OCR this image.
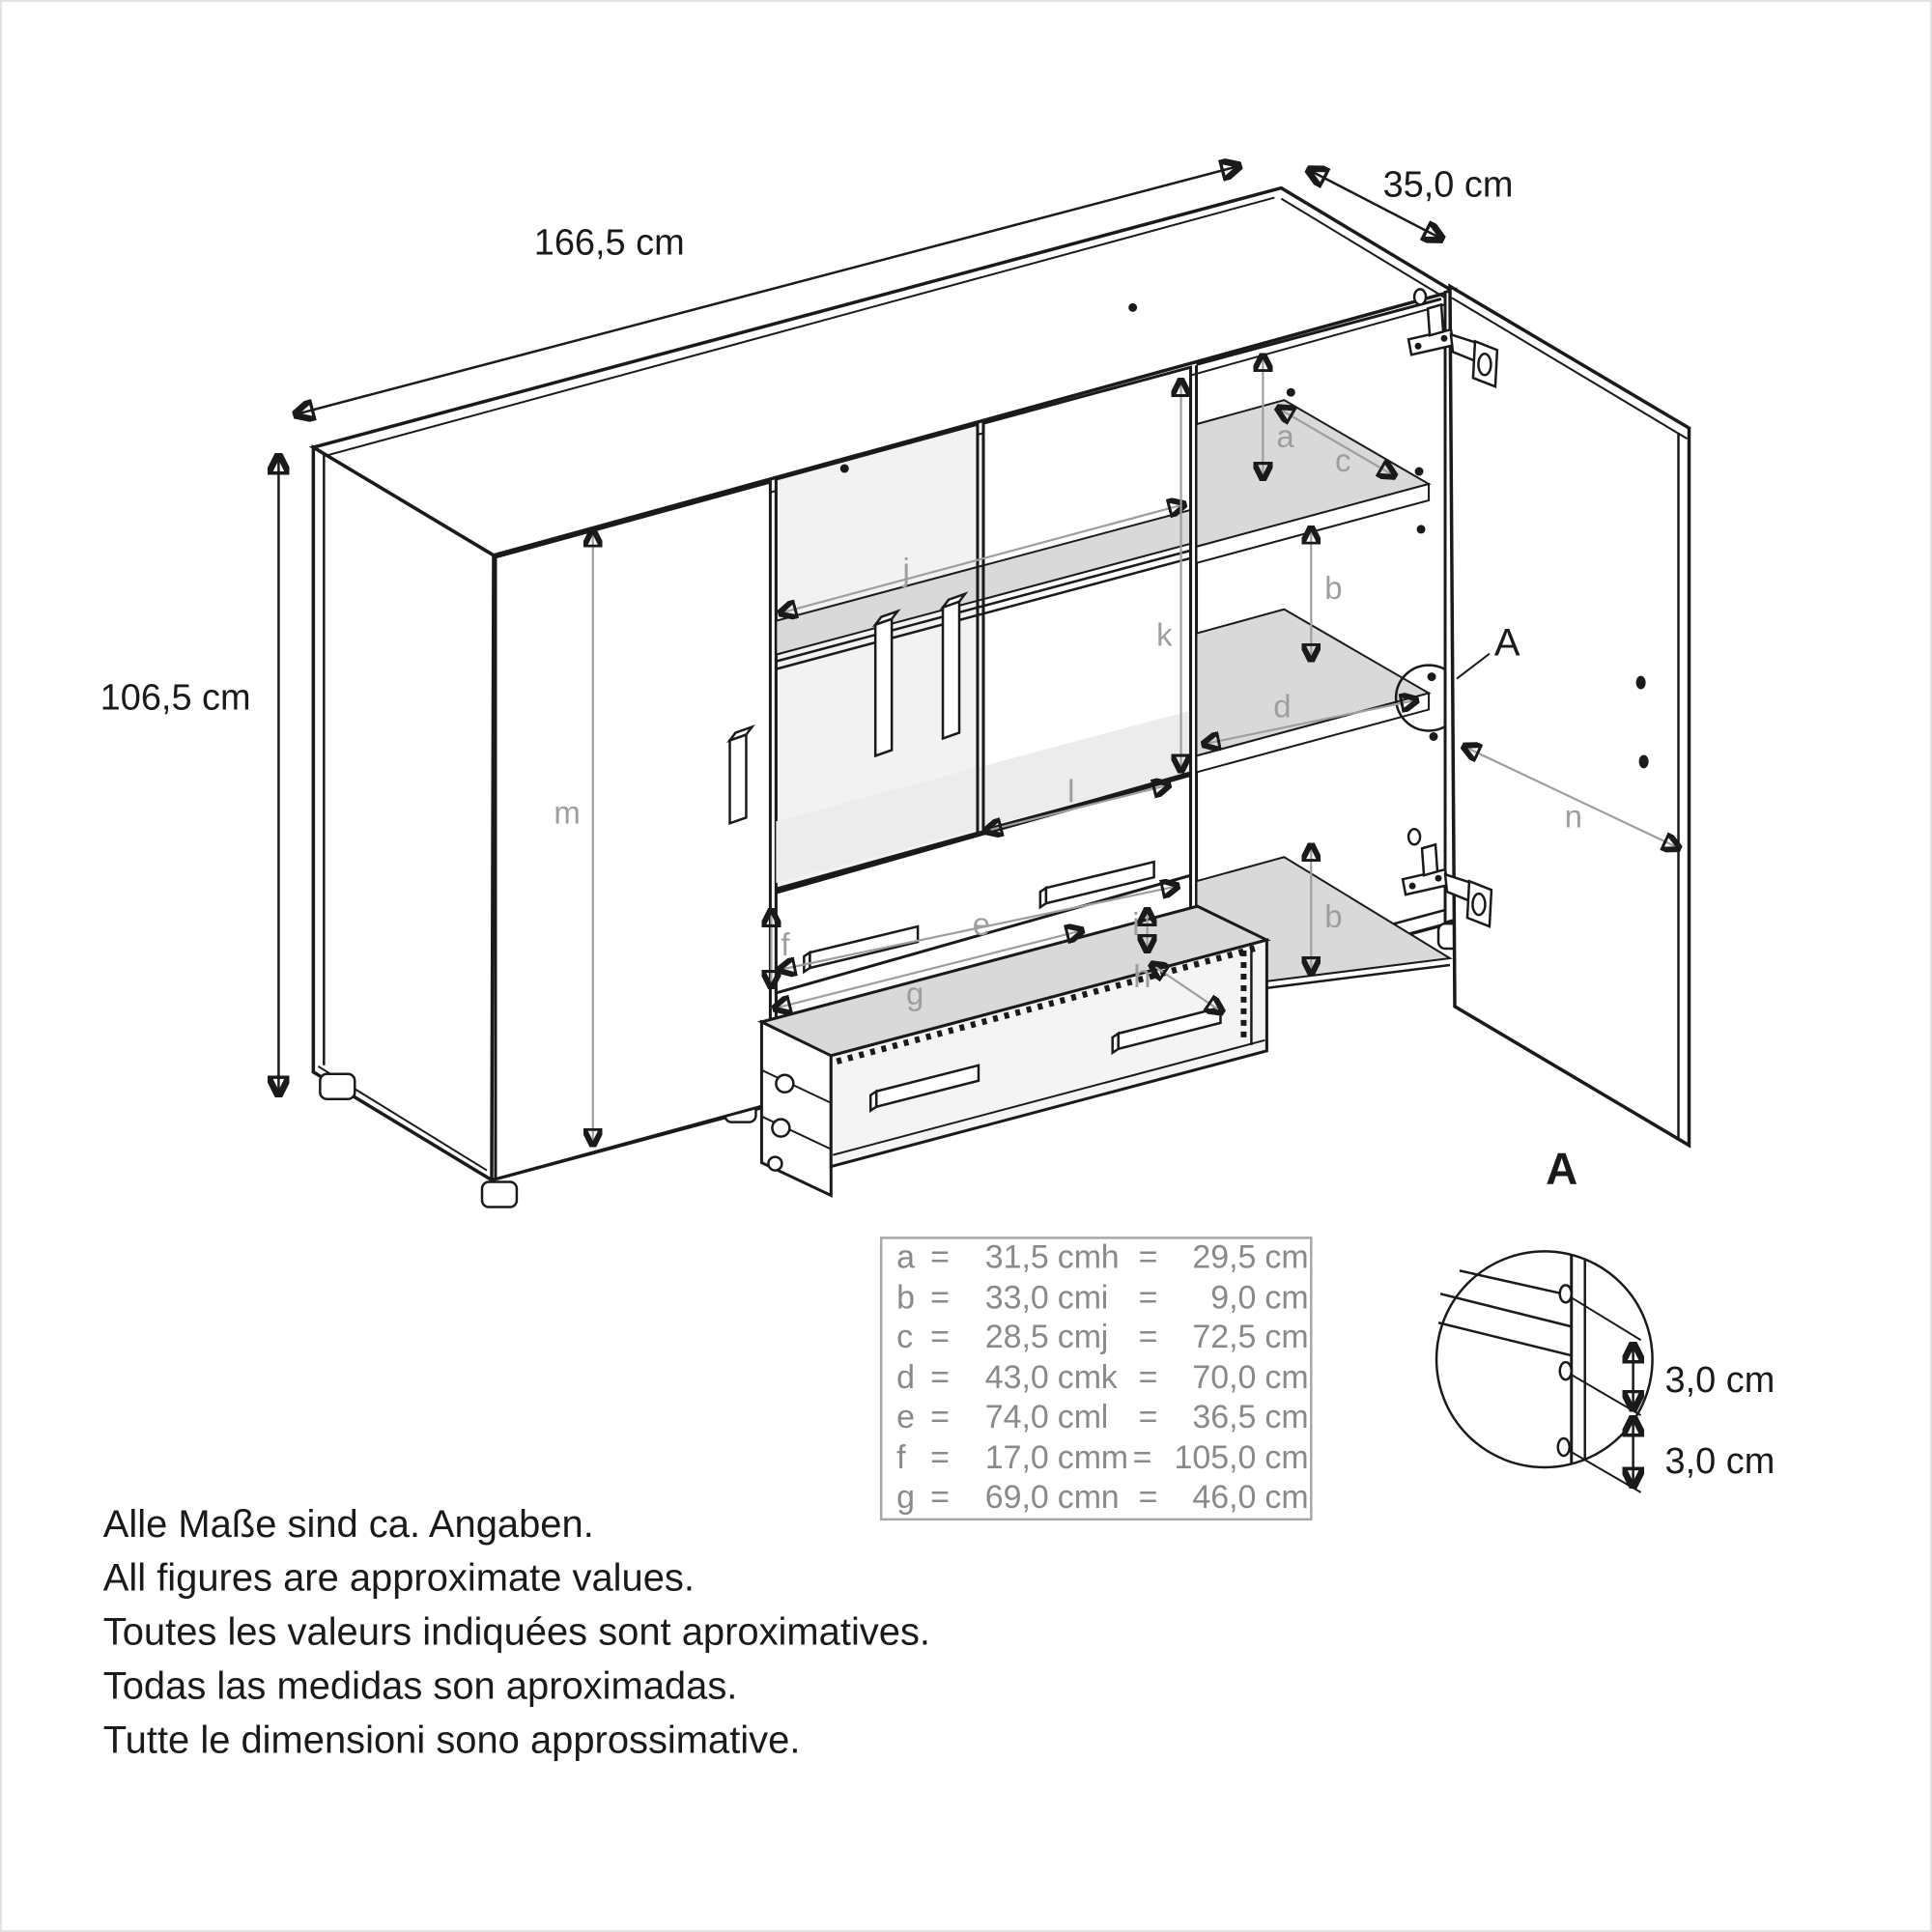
m
j
k
l
e
f
g	h
i
a
c
b
d
b
n
A
166,5 cm
35,0 cm
106,5 cm
A
3,0 cm
3,0 cm
a = 31,5 cm h = 29,5 cm
b = 33,0 cm i = 9,0 cm
c = 28,5 cm j = 72,5 cm
d = 43,0 cm k = 70,0 cm
e = 74,0 cm l = 36,5 cm
f = 17,0 cm m = 105,0 cm
g = 69,0 cm n = 46,0 cm
Alle Maße sind ca. Angaben.
All figures are approximate values.
Toutes les valeurs indiquées sont aproximatives.
Todas las medidas son aproximadas.
Tutte le dimensioni sono approssimative.
